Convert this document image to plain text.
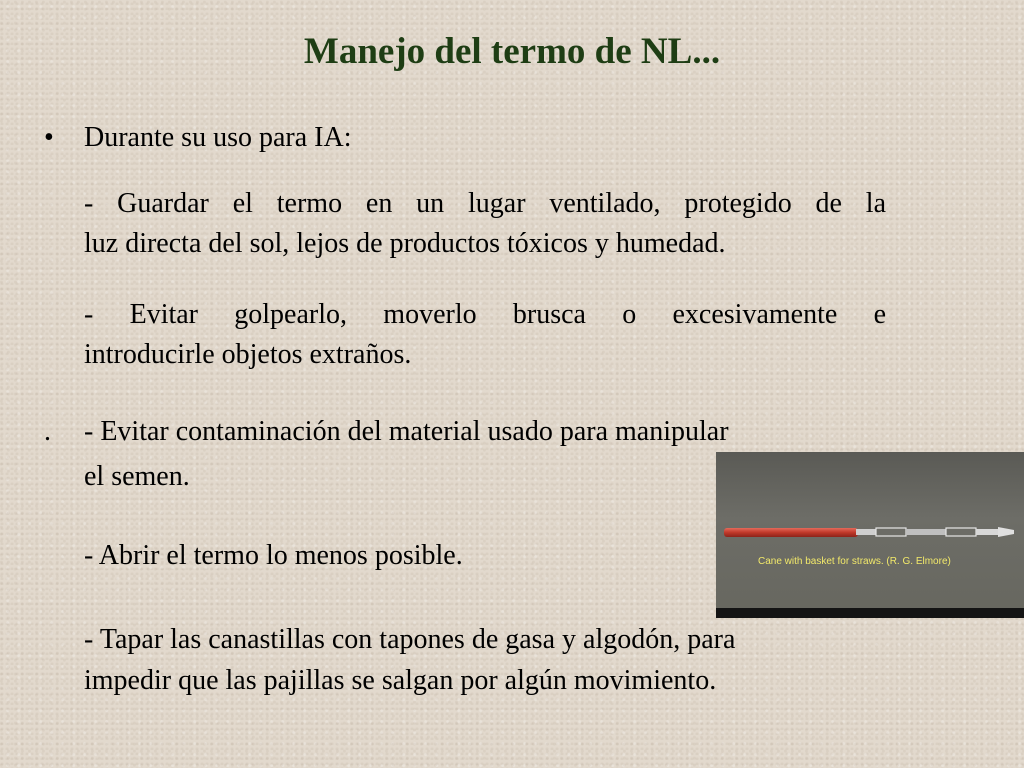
Manejo del termo de NL...
• Durante su uso para IA:
- Guardar el termo en un lugar ventilado, protegido de la
luz directa del sol, lejos de productos tóxicos y humedad.
- Evitar golpearlo, moverlo brusca o excesivamente e
introducirle objetos extraños.
. - Evitar contaminación del material usado para manipular
el semen.
- Abrir el termo lo menos posible.
- Tapar las canastillas con tapones de gasa y algodón, para
impedir que las pajillas se salgan por algún movimiento.
Cane with basket for straws. (R. G. Elmore)
